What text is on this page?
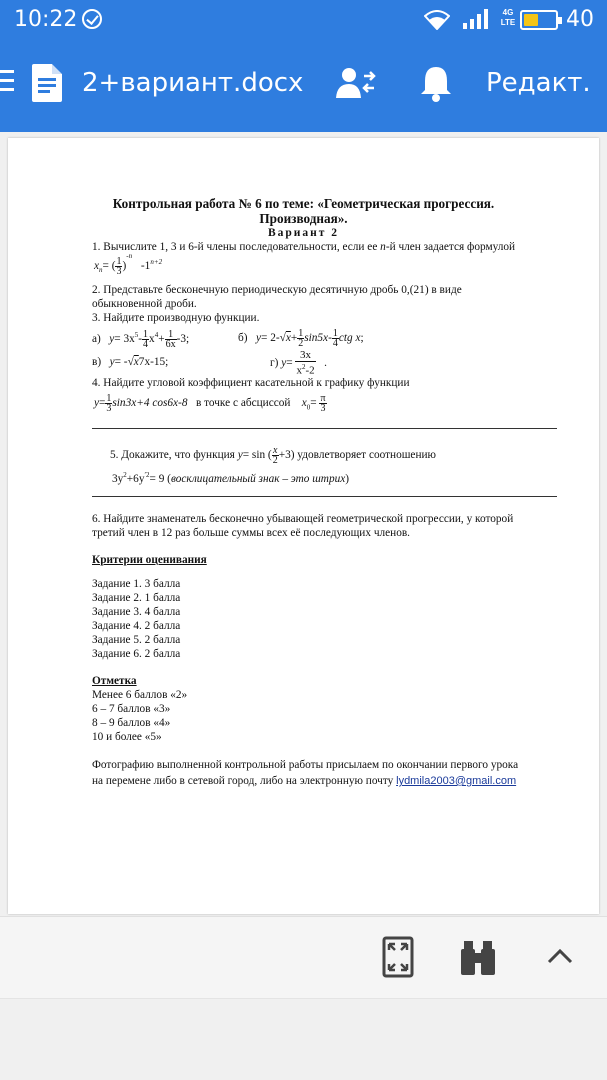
10:22	4G
LTE 40
2+вариант.docx	Редакт.
Контрольная работа № 6 по теме: «Геометрическая прогрессия.
Производная».
Вариант 2
1. Вычислите 1, 3 и 6-й члены последовательности, если ее n-й член задается формулой
$x_n=$ ( $\frac{1}{3} )^{-n}$ $-1^{n+2}$
2. Представьте бесконечную периодическую десятичную дробь 0,(21) в виде
обыкновенной дроби.
3. Найдите производную функции.
а) $y= 3x^5- \frac{1}{4} x^4+ \frac{1}{6x} -3$;	б) $y= 2-√x+ \frac{1}{2} \sin 5x- \frac{1}{4}$ ctg x;
в) y= -√x7x-15;	г) $y= \frac{3x}{x^2-2}$ .
4. Найдите угловой коэффициент касательной к графику функции
$y= \frac{1}{3} \sin 3x+4$ cos6x-8 в точке с абсциссой $x_0= \frac{\pi}{3}$
5. Докажите, что функция y= sin ( $\frac{x}{2} +3$) удовлетворяет соотношению
$3y^2+6y^{'2}= 9$ (восклицательный знак – это штрих)
6. Найдите знаменатель бесконечно убывающей геометрической прогрессии, у которой
третий член в 12 раз больше суммы всех её последующих членов.
Критерии оценивания
Задание 1. 3 балла
Задание 2. 1 балла
Задание 3. 4 балла
Задание 4. 2 балла
Задание 5. 2 балла
Задание 6. 2 балла
Отметка
Менее 6 баллов «2»
6 – 7 баллов «3»
8 – 9 баллов «4»
10 и более «5»
Фотографию выполненной контрольной работы присылаем по окончании первого урока
на перемене либо в сетевой город, либо на электронную почту lydmila2003@gmail.com
